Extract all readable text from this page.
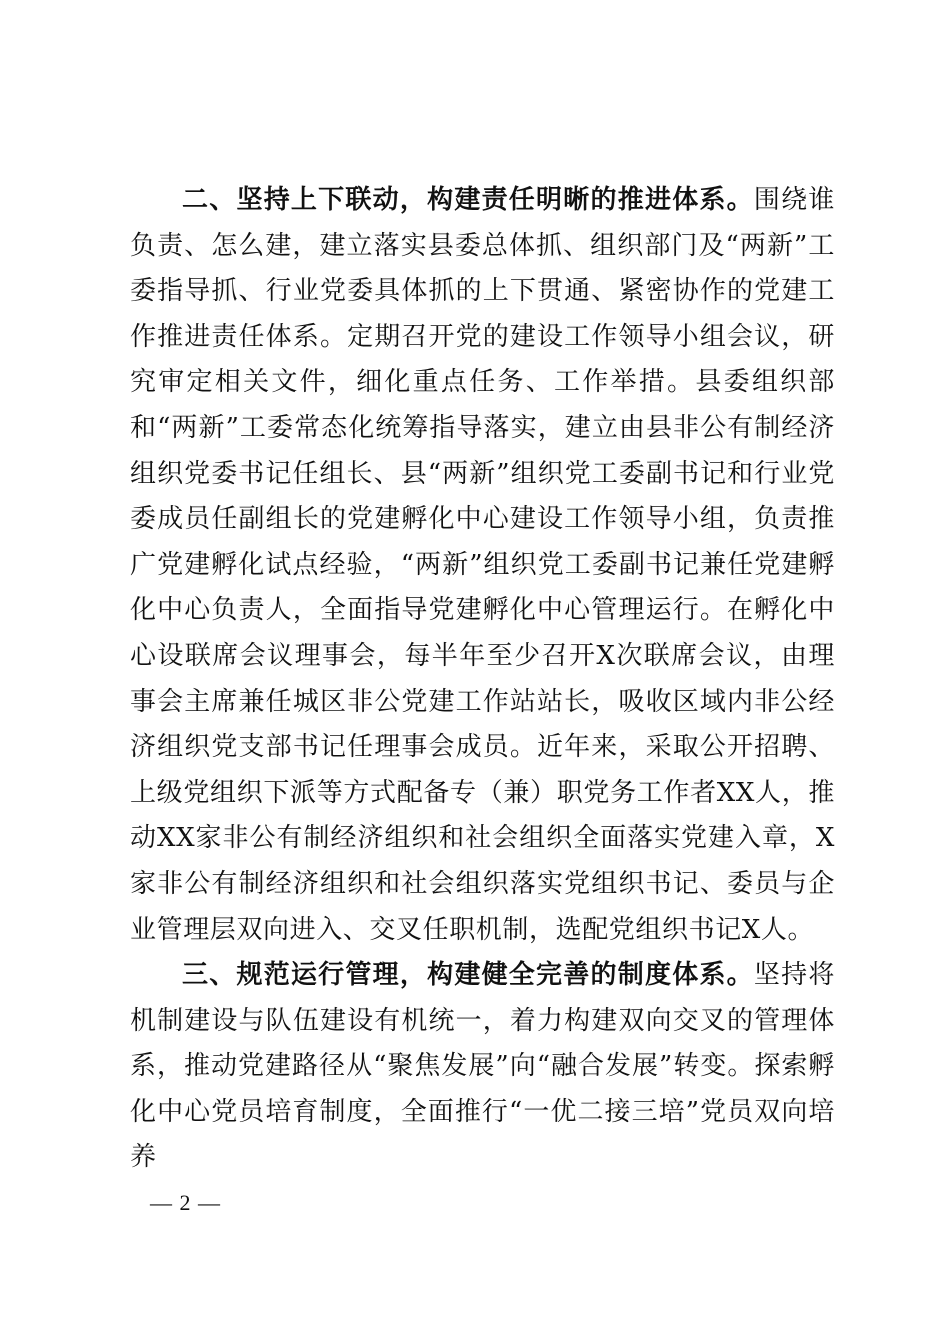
二、坚持上下联动，构建责任明晰的推进体系。围绕谁负责、怎么建，建立落实县委总体抓、组织部门及“两新”工委指导抓、行业党委具体抓的上下贯通、紧密协作的党建工作推进责任体系。定期召开党的建设工作领导小组会议，研究审定相关文件，细化重点任务、工作举措。县委组织部和“两新”工委常态化统筹指导落实，建立由县非公有制经济组织党委书记任组长、县“两新”组织党工委副书记和行业党委成员任副组长的党建孵化中心建设工作领导小组，负责推广党建孵化试点经验，“两新”组织党工委副书记兼任党建孵化中心负责人，全面指导党建孵化中心管理运行。在孵化中心设联席会议理事会，每半年至少召开X次联席会议，由理事会主席兼任城区非公党建工作站站长，吸收区域内非公经济组织党支部书记任理事会成员。近年来，采取公开招聘、上级党组织下派等方式配备专（兼）职党务工作者XX人，推动XX家非公有制经济组织和社会组织全面落实党建入章，X家非公有制经济组织和社会组织落实党组织书记、委员与企业管理层双向进入、交叉任职机制，选配党组织书记X人。

三、规范运行管理，构建健全完善的制度体系。坚持将机制建设与队伍建设有机统一，着力构建双向交叉的管理体系，推动党建路径从“聚焦发展”向“融合发展”转变。探索孵化中心党员培育制度，全面推行“一优二接三培”党员双向培养

— 2 —
